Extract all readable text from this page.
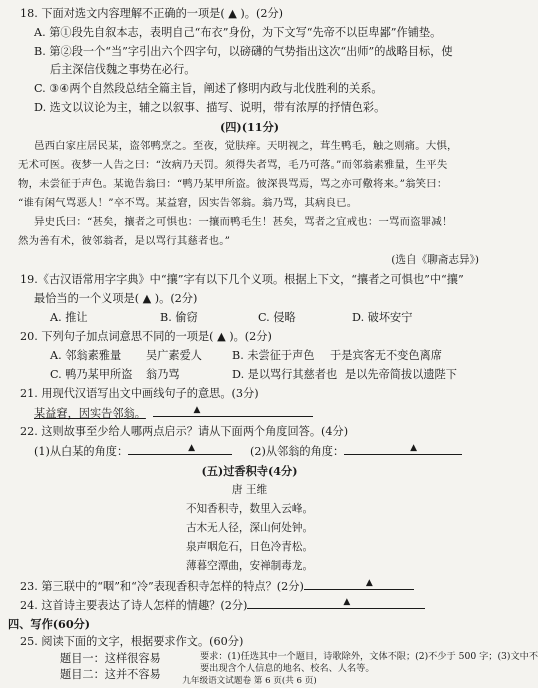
18. 下面对选文内容理解不正确的一项是( ▲ )。(2分)
A. 第①段先自叙本志，表明自己“布衣”身份，为下文写“先帝不以臣卑鄙”作铺垫。
B. 第②段一个“当”字引出六个四字句，以磅礴的气势指出这次“出师”的战略目标，使
后主深信伐魏之事势在必行。
C. ③④两个自然段总结全篇主旨，阐述了修明内政与北伐胜利的关系。
D. 选文以议论为主，辅之以叙事、描写、说明，带有浓厚的抒情色彩。
(四)(11分)
邑西白家庄居民某，盗邻鸭烹之。至夜，觉肤痒。天明视之，茸生鸭毛，触之则痛。大惧，
无术可医。夜梦一人告之曰：“汝病乃天罚。须得失者骂，毛乃可落。”而邻翁素雅量，生平失
物，未尝征于声色。某诡告翁曰：“鸭乃某甲所盗。彼深畏骂焉，骂之亦可儆将来。”翁笑曰：
“谁有闲气骂恶人！”卒不骂。某益窘，因实告邻翁。翁乃骂，其病良已。
异史氏曰：“甚矣，攘者之可惧也：一攘而鸭毛生！甚矣，骂者之宜戒也：一骂而盗罪减！
然为善有术，彼邻翁者，是以骂行其慈者也。”
(选自《聊斋志异》)
19.《古汉语常用字字典》中“攘”字有以下几个义项。根据上下文，“攘者之可惧也”中“攘”
最恰当的一个义项是( ▲ )。(2分)
A. 推让	B. 偷窃	C. 侵略	D. 破坏安宁
20. 下列句子加点词意思不同的一项是( ▲ )。(2分)
A. 邻翁素雅量 吴广素爱人	B. 未尝征于声色 于是宾客无不变色离席
C. 鸭乃某甲所盗 翁乃骂	D. 是以骂行其慈者也 是以先帝简拔以遗陛下
21. 用现代汉语写出文中画线句子的意思。(3分)
某益窘，因实告邻翁。	▲
22. 这则故事至少给人哪两点启示？请从下面两个角度回答。(4分)
(1)从白某的角度：	▲	(2)从邻翁的角度：	▲
(五)过香积寺(4分)
唐 王维
不知香积寺，数里入云峰。
古木无人径，深山何处钟。
泉声咽危石，日色冷青松。
薄暮空潭曲，安禅制毒龙。
23. 第三联中的“咽”和“冷”表现香积寺怎样的特点？(2分)	▲
24. 这首诗主要表达了诗人怎样的情趣？(2分)	▲
四、写作(60分)
25. 阅读下面的文字，根据要求作文。(60分)
题目一：这样很容易
题目二：这并不容易
要求：(1)任选其中一个题目，诗歌除外，文体不限；(2)不少于 500 字；(3)文中不
要出现含个人信息的地名、校名、人名等。
九年级语文试题卷 第 6 页(共 6 页)
